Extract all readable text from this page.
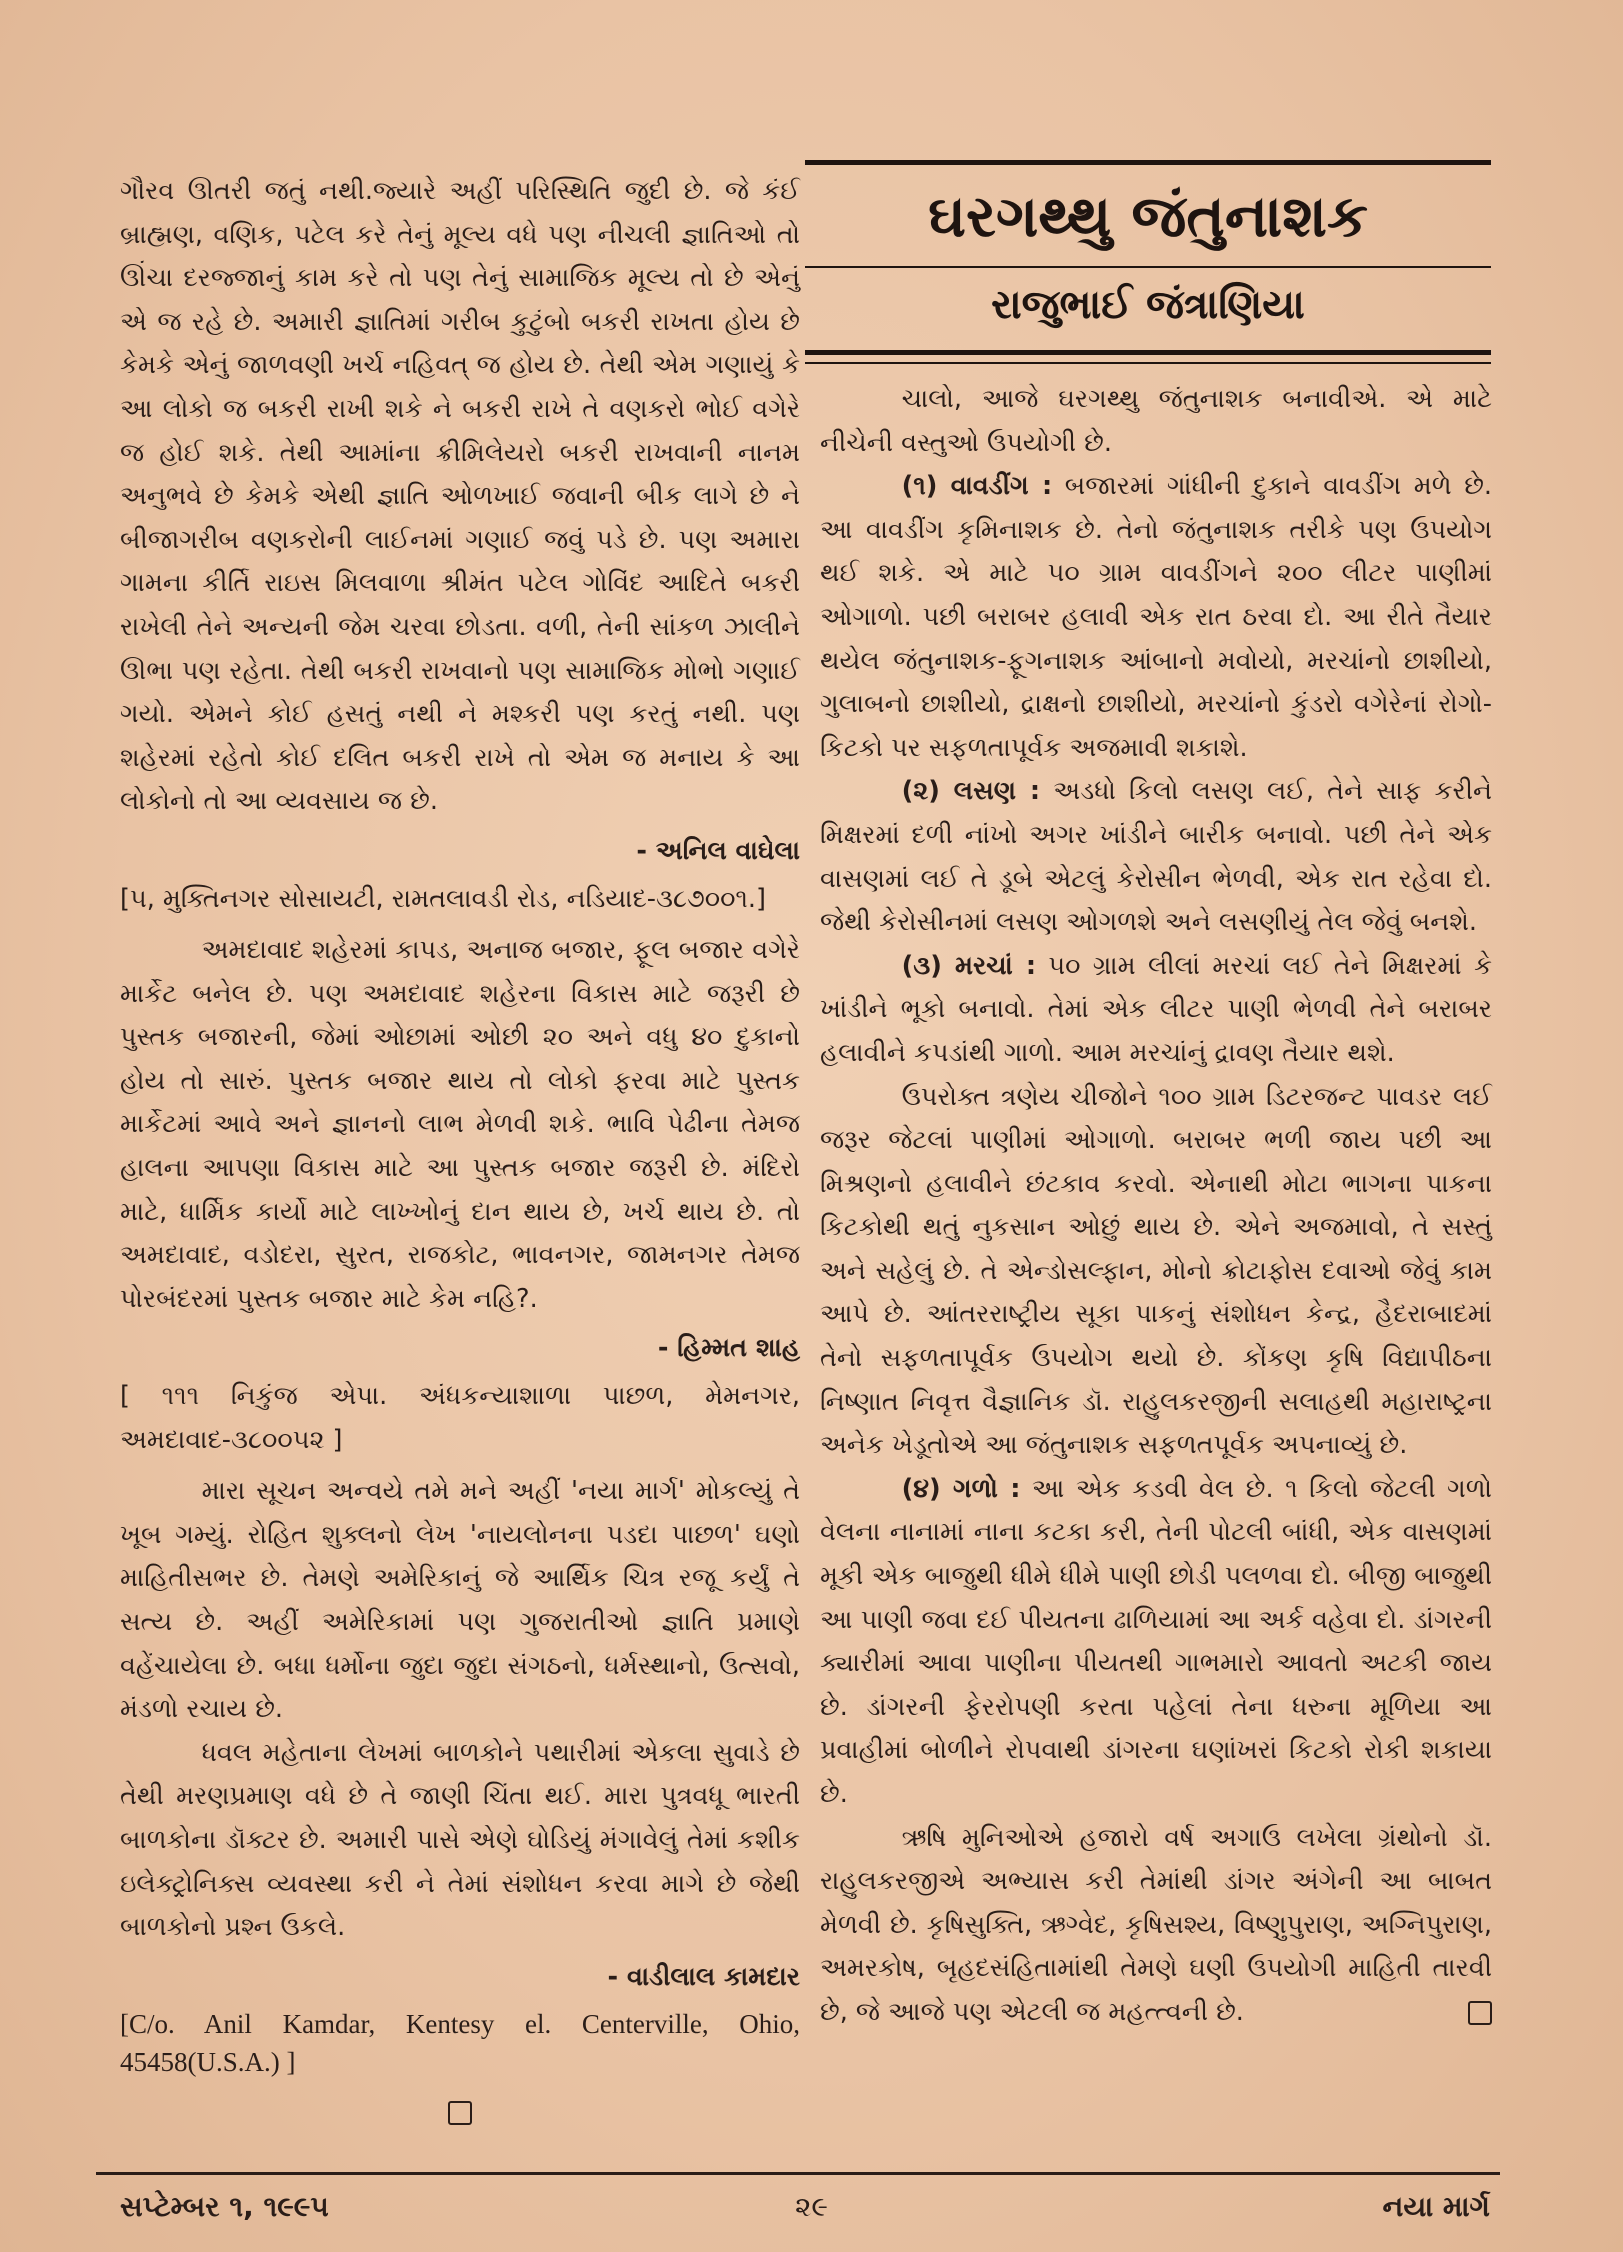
ગૌરવ ઊતરી જતું નથી.જ્યારે અહીં પરિસ્થિતિ જુદી છે. જે કંઈ બ્રાહ્મણ, વણિક, પટેલ કરે તેનું મૂલ્ય વધે પણ નીચલી જ્ઞાતિઓ તો ઊંચા દરજ્જાનું કામ કરે તો પણ તેનું સામાજિક મૂલ્ય તો છે એનું એ જ રહે છે. અમારી જ્ઞાતિમાં ગરીબ કુટુંબો બકરી રાખતા હોય છે કેમકે એનું જાળવણી ખર્ચ નહિવત્ જ હોય છે. તેથી એમ ગણાયું કે આ લોકો જ બકરી રાખી શકે ને બકરી રાખે તે વણકરો ભોઈ વગેરે જ હોઈ શકે. તેથી આમાંના ક્રીમિલેયરો બકરી રાખવાની નાનમ અનુભવે છે કેમકે એથી જ્ઞાતિ ઓળખાઈ જવાની બીક લાગે છે ને બીજાગરીબ વણકરોની લાઈનમાં ગણાઈ જવું પડે છે. પણ અમારા ગામના કીર્તિ રાઇસ મિલવાળા શ્રીમંત પટેલ ગોવિંદ આદિતે બકરી રાખેલી તેને અન્યની જેમ ચરવા છોડતા. વળી, તેની સાંકળ ઝાલીને ઊભા પણ રહેતા. તેથી બકરી રાખવાનો પણ સામાજિક મોભો ગણાઈ ગયો. એમને કોઈ હસતું નથી ને મશ્કરી પણ કરતું નથી. પણ શહેરમાં રહેતો કોઈ દલિત બકરી રાખે તો એમ જ મનાય કે આ લોકોનો તો આ વ્યવસાય જ છે.

- અનિલ વાઘેલા

[૫, મુક્તિનગર સોસાયટી, રામતલાવડી રોડ, નડિયાદ-૩૮૭૦૦૧.]

અમદાવાદ શહેરમાં કાપડ, અનાજ બજાર, ફૂલ બજાર વગેરે માર્કેટ બનેલ છે. પણ અમદાવાદ શહેરના વિકાસ માટે જરૂરી છે પુસ્તક બજારની, જેમાં ઓછામાં ઓછી ૨૦ અને વધુ ૪૦ દુકાનો હોય તો સારું. પુસ્તક બજાર થાય તો લોકો ફરવા માટે પુસ્તક માર્કેટમાં આવે અને જ્ઞાનનો લાભ મેળવી શકે. ભાવિ પેઢીના તેમજ હાલના આપણા વિકાસ માટે આ પુસ્તક બજાર જરૂરી છે. મંદિરો માટે, ધાર્મિક કાર્યો માટે લાખ્ખોનું દાન થાય છે, ખર્ચ થાય છે. તો અમદાવાદ, વડોદરા, સુરત, રાજકોટ, ભાવનગર, જામનગર તેમજ પોરબંદરમાં પુસ્તક બજાર માટે કેમ નહિ?.

- હિમ્મત શાહ

[ ૧૧૧ નિકુંજ એપા. અંધકન્યાશાળા પાછળ, મેમનગર, અમદાવાદ-૩૮૦૦૫૨ ]

મારા સૂચન અન્વયે તમે મને અહીં 'નયા માર્ગ' મોકલ્યું તે ખૂબ ગમ્યું. રોહિત શુક્લનો લેખ 'નાયલોનના પડદા પાછળ' ઘણો માહિતીસભર છે. તેમણે અમેરિકાનું જે આર્થિક ચિત્ર રજૂ કર્યું તે સત્ય છે. અહીં અમેરિકામાં પણ ગુજરાતીઓ જ્ઞાતિ પ્રમાણે વહેંચાયેલા છે. બધા ધર્મોના જુદા જુદા સંગઠનો, ધર્મસ્થાનો, ઉત્સવો, મંડળો રચાય છે.

ધવલ મહેતાના લેખમાં બાળકોને પથારીમાં એકલા સુવાડે છે તેથી મરણપ્રમાણ વધે છે તે જાણી ચિંતા થઈ. મારા પુત્રવધૂ ભારતી બાળકોના ડૉક્ટર છે. અમારી પાસે એણે ઘોડિયું મંગાવેલું તેમાં કશીક ઇલેક્ટ્રોનિક્સ વ્યવસ્થા કરી ને તેમાં સંશોધન કરવા માગે છે જેથી બાળકોનો પ્રશ્ન ઉકલે.

- વાડીલાલ કામદાર

[C/o. Anil Kamdar, Kentesy el. Centerville, Ohio, 45458(U.S.A.) ]

ઘરગથ્થુ જંતુનાશક
રાજુભાઈ જંત્રાણિયા

ચાલો, આજે ઘરગથ્થુ જંતુનાશક બનાવીએ. એ માટે નીચેની વસ્તુઓ ઉપયોગી છે.

(૧) વાવડીંગ : બજારમાં ગાંધીની દુકાને વાવડીંગ મળે છે. આ વાવડીંગ કૃમિનાશક છે. તેનો જંતુનાશક તરીકે પણ ઉપયોગ થઈ શકે. એ માટે ૫૦ ગ્રામ વાવડીંગને ૨૦૦ લીટર પાણીમાં ઓગાળો. પછી બરાબર હલાવી એક રાત ઠરવા દો. આ રીતે તૈયાર થયેલ જંતુનાશક-ફૂગનાશક આંબાનો મવોયો, મરચાંનો છાશીયો, ગુલાબનો છાશીયો, દ્રાક્ષનો છાશીયો, મરચાંનો કુંડરો વગેરેનાં રોગો-કિટકો પર સફળતાપૂર્વક અજમાવી શકાશે.

(૨) લસણ : અડધો કિલો લસણ લઈ, તેને સાફ કરીને મિક્ષરમાં દળી નાંખો અગર ખાંડીને બારીક બનાવો. પછી તેને એક વાસણમાં લઈ તે ડૂબે એટલું કેરોસીન ભેળવી, એક રાત રહેવા દો. જેથી કેરોસીનમાં લસણ ઓગળશે અને લસણીયું તેલ જેવું બનશે.

(૩) મરચાં : ૫૦ ગ્રામ લીલાં મરચાં લઈ તેને મિક્ષરમાં કે ખાંડીને ભૂકો બનાવો. તેમાં એક લીટર પાણી ભેળવી તેને બરાબર હલાવીને કપડાંથી ગાળો. આમ મરચાંનું દ્રાવણ તૈયાર થશે.

ઉપરોક્ત ત્રણેય ચીજોને ૧૦૦ ગ્રામ ડિટરજન્ટ પાવડર લઈ જરૂર જેટલાં પાણીમાં ઓગાળો. બરાબર ભળી જાય પછી આ મિશ્રણનો હલાવીને છંટકાવ કરવો. એનાથી મોટા ભાગના પાકના કિટકોથી થતું નુકસાન ઓછું થાય છે. એને અજમાવો, તે સસ્તું અને સહેલું છે. તે એન્ડોસલ્ફાન, મોનો ક્રોટાફોસ દવાઓ જેવું કામ આપે છે. આંતરરાષ્ટ્રીય સૂકા પાકનું સંશોધન કેન્દ્ર, હૈદરાબાદમાં તેનો સફળતાપૂર્વક ઉપયોગ થયો છે. કોંકણ કૃષિ વિદ્યાપીઠના નિષ્ણાત નિવૃત્ત વૈજ્ઞાનિક ડૉ. રાહુલકરજીની સલાહથી મહારાષ્ટ્રના અનેક ખેડૂતોએ આ જંતુનાશક સફળતપૂર્વક અપનાવ્યું છે.

(૪) ગળો : આ એક કડવી વેલ છે. ૧ કિલો જેટલી ગળો વેલના નાનામાં નાના કટકા કરી, તેની પોટલી બાંધી, એક વાસણમાં મૂકી એક બાજુથી ધીમે ધીમે પાણી છોડી પલળવા દો. બીજી બાજુથી આ પાણી જવા દઈ પીયતના ઢાળિયામાં આ અર્ક વહેવા દો. ડાંગરની ક્યારીમાં આવા પાણીના પીયતથી ગાભમારો આવતો અટકી જાય છે. ડાંગરની ફેરરોપણી કરતા પહેલાં તેના ધરુના મૂળિયા આ પ્રવાહીમાં બોળીને રોપવાથી ડાંગરના ઘણાંખરાં કિટકો રોકી શકાયા છે.

ઋષિ મુનિઓએ હજારો વર્ષ અગાઉ લખેલા ગ્રંથોનો ડૉ. રાહુલકરજીએ અભ્યાસ કરી તેમાંથી ડાંગર અંગેની આ બાબત મેળવી છે. કૃષિસુક્તિ, ઋગ્વેદ, કૃષિસશ્ય, વિષ્ણુપુરાણ, અગ્નિપુરાણ, અમરકોષ, બૃહદસંહિતામાંથી તેમણે ઘણી ઉપયોગી માહિતી તારવી છે, જે આજે પણ એટલી જ મહત્ત્વની છે.

સપ્ટેમ્બર ૧, ૧૯૯૫	૨૯	નયા માર્ગ
